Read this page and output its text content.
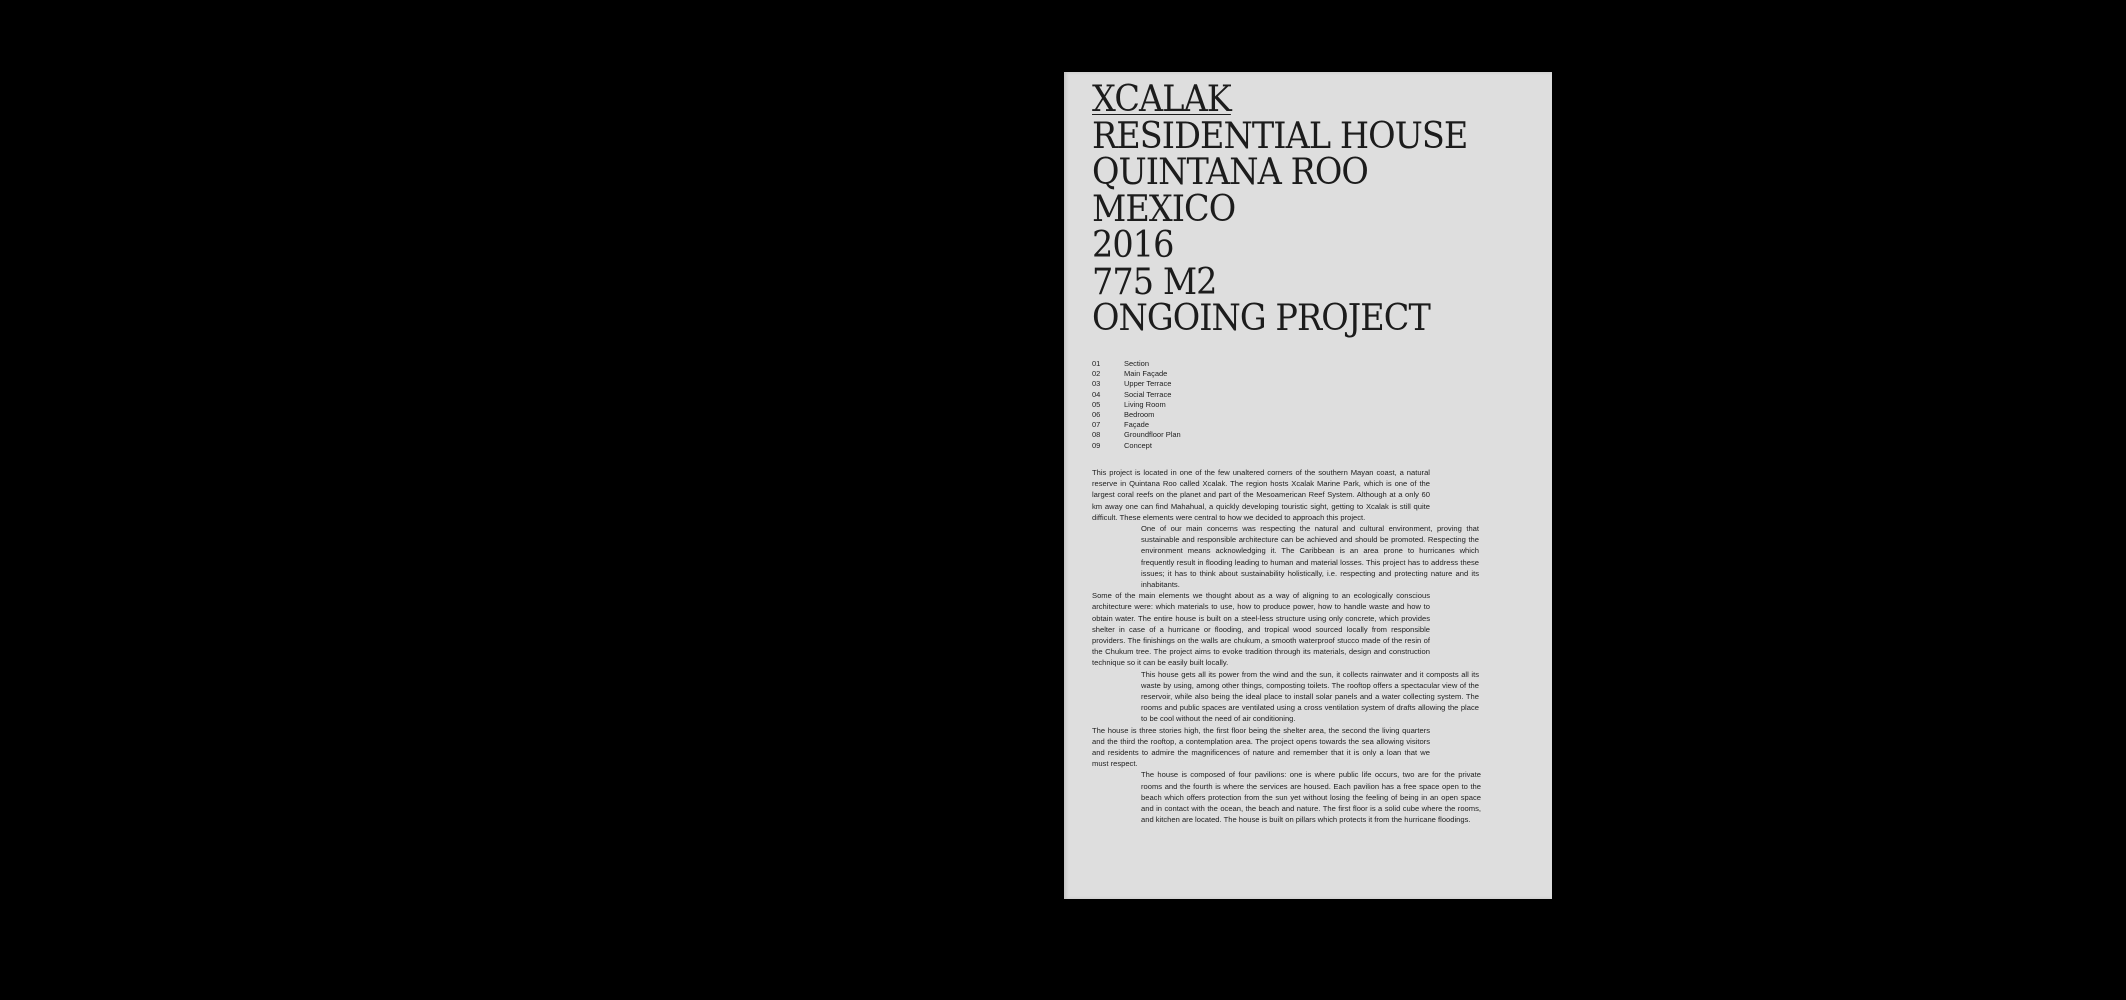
XCALAK
RESIDENTIAL HOUSE
QUINTANA ROO
MEXICO
2016
775 M2
ONGOING PROJECT
01	Section
02	Main Façade
03	Upper Terrace
04	Social Terrace
05	Living Room
06	Bedroom
07	Façade
08	Groundfloor Plan
09	Concept

This project is located in one of the few unaltered corners of the southern Mayan coast, a natural reserve in Quintana Roo called Xcalak. The region hosts Xcalak Marine Park, which is one of the largest coral reefs on the planet and part of the Mesoamerican Reef System. Although at a only 60 km away one can find Mahahual, a quickly developing touristic sight, getting to Xcalak is still quite difficult. These elements were central to how we decided to approach this project.

One of our main concerns was respecting the natural and cultural environment, proving that sustainable and responsible architecture can be achieved and should be promoted. Respecting the environment means acknowledging it. The Caribbean is an area prone to hurricanes which frequently result in flooding leading to human and material losses. This project has to address these issues; it has to think about sustainability holistically, i.e. respecting and protecting nature and its inhabitants.

Some of the main elements we thought about as a way of aligning to an ecologically conscious architecture were: which materials to use, how to produce power, how to handle waste and how to obtain water. The entire house is built on a steel-less structure using only concrete, which provides shelter in case of a hurricane or flooding, and tropical wood sourced locally from responsible providers. The finishings on the walls are chukum, a smooth waterproof stucco made of the resin of the Chukum tree. The project aims to evoke tradition through its materials, design and construction technique so it can be easily built locally.

This house gets all its power from the wind and the sun, it collects rainwater and it composts all its waste by using, among other things, composting toilets. The rooftop offers a spectacular view of the reservoir, while also being the ideal place to install solar panels and a water collecting system. The rooms and public spaces are ventilated using a cross ventilation system of drafts allowing the place to be cool without the need of air conditioning.

The house is three stories high, the first floor being the shelter area, the second the living quarters and the third the rooftop, a contemplation area. The project opens towards the sea allowing visitors and residents to admire the magnificences of nature and remember that it is only a loan that we must respect.

The house is composed of four pavilions: one is where public life occurs, two are for the private rooms and the fourth is where the services are housed. Each pavilion has a free space open to the beach which offers protection from the sun yet without losing the feeling of being in an open space and in contact with the ocean, the beach and nature. The first floor is a solid cube where the rooms, and kitchen are located. The house is built on pillars which protects it from the hurricane floodings.
